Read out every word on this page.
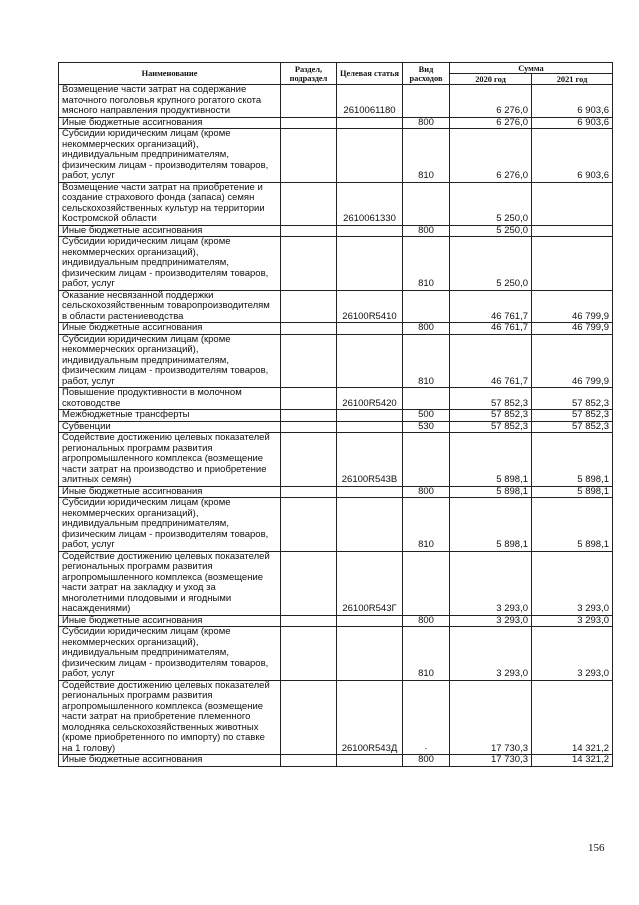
Наименование	Раздел, подраздел	Целевая статья	Вид расходов	Сумма	
				2020 год	2021 год
Возмещение части затрат на содержание маточного поголовья крупного рогатого скота мясного направления продуктивности		2610061180		6 276,0	6 903,6
Иные бюджетные ассигнования			800	6 276,0	6 903,6
Субсидии юридическим лицам (кроме некоммерческих организаций), индивидуальным предпринимателям, физическим лицам - производителям товаров, работ, услуг			810	6 276,0	6 903,6
Возмещение части затрат на приобретение и создание страхового фонда (запаса) семян сельскохозяйственных культур на территории Костромской области		2610061330		5 250,0	
Иные бюджетные ассигнования			800	5 250,0	
Субсидии юридическим лицам (кроме некоммерческих организаций), индивидуальным предпринимателям, физическим лицам - производителям товаров, работ, услуг			810	5 250,0	
Оказание несвязанной поддержки сельскохозяйственным товаропроизводителям в области растениеводства		26100R5410		46 761,7	46 799,9
Иные бюджетные ассигнования			800	46 761,7	46 799,9
Субсидии юридическим лицам (кроме некоммерческих организаций), индивидуальным предпринимателям, физическим лицам - производителям товаров, работ, услуг			810	46 761,7	46 799,9
Повышение продуктивности в молочном скотоводстве		26100R5420		57 852,3	57 852,3
Межбюджетные трансферты			500	57 852,3	57 852,3
Субвенции			530	57 852,3	57 852,3
Содействие достижению целевых показателей региональных программ развития агропромышленного комплекса (возмещение части затрат на производство и приобретение элитных семян)		26100R543В		5 898,1	5 898,1
Иные бюджетные ассигнования			800	5 898,1	5 898,1
Субсидии юридическим лицам (кроме некоммерческих организаций), индивидуальным предпринимателям, физическим лицам - производителям товаров, работ, услуг			810	5 898,1	5 898,1
Содействие достижению целевых показателей региональных программ развития агропромышленного комплекса (возмещение части затрат на закладку и уход за многолетними плодовыми и ягодными насаждениями)		26100R543Г		3 293,0	3 293,0
Иные бюджетные ассигнования			800	3 293,0	3 293,0
Субсидии юридическим лицам (кроме некоммерческих организаций), индивидуальным предпринимателям, физическим лицам - производителям товаров, работ, услуг			810	3 293,0	3 293,0
Содействие достижению целевых показателей региональных программ развития агропромышленного комплекса (возмещение части затрат на приобретение племенного молодняка сельскохозяйственных животных (кроме приобретенного по импорту) по ставке на 1 голову)		26100R543Д	·	17 730,3	14 321,2
Иные бюджетные ассигнования			800	17 730,3	14 321,2
156
